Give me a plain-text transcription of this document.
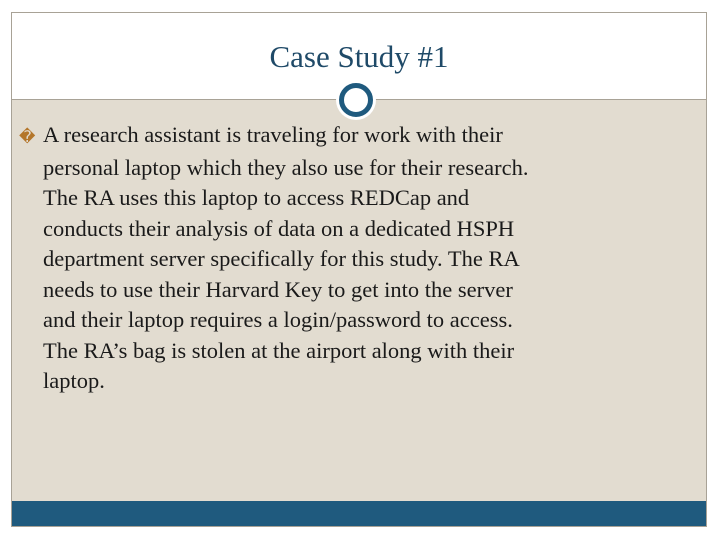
Case Study #1
� A research assistant is traveling for work with their
personal laptop which they also use for their research.
The RA uses this laptop to access REDCap and
conducts their analysis of data on a dedicated HSPH
department server specifically for this study. The RA
needs to use their Harvard Key to get into the server
and their laptop requires a login/password to access.
The RA’s bag is stolen at the airport along with their
laptop.
